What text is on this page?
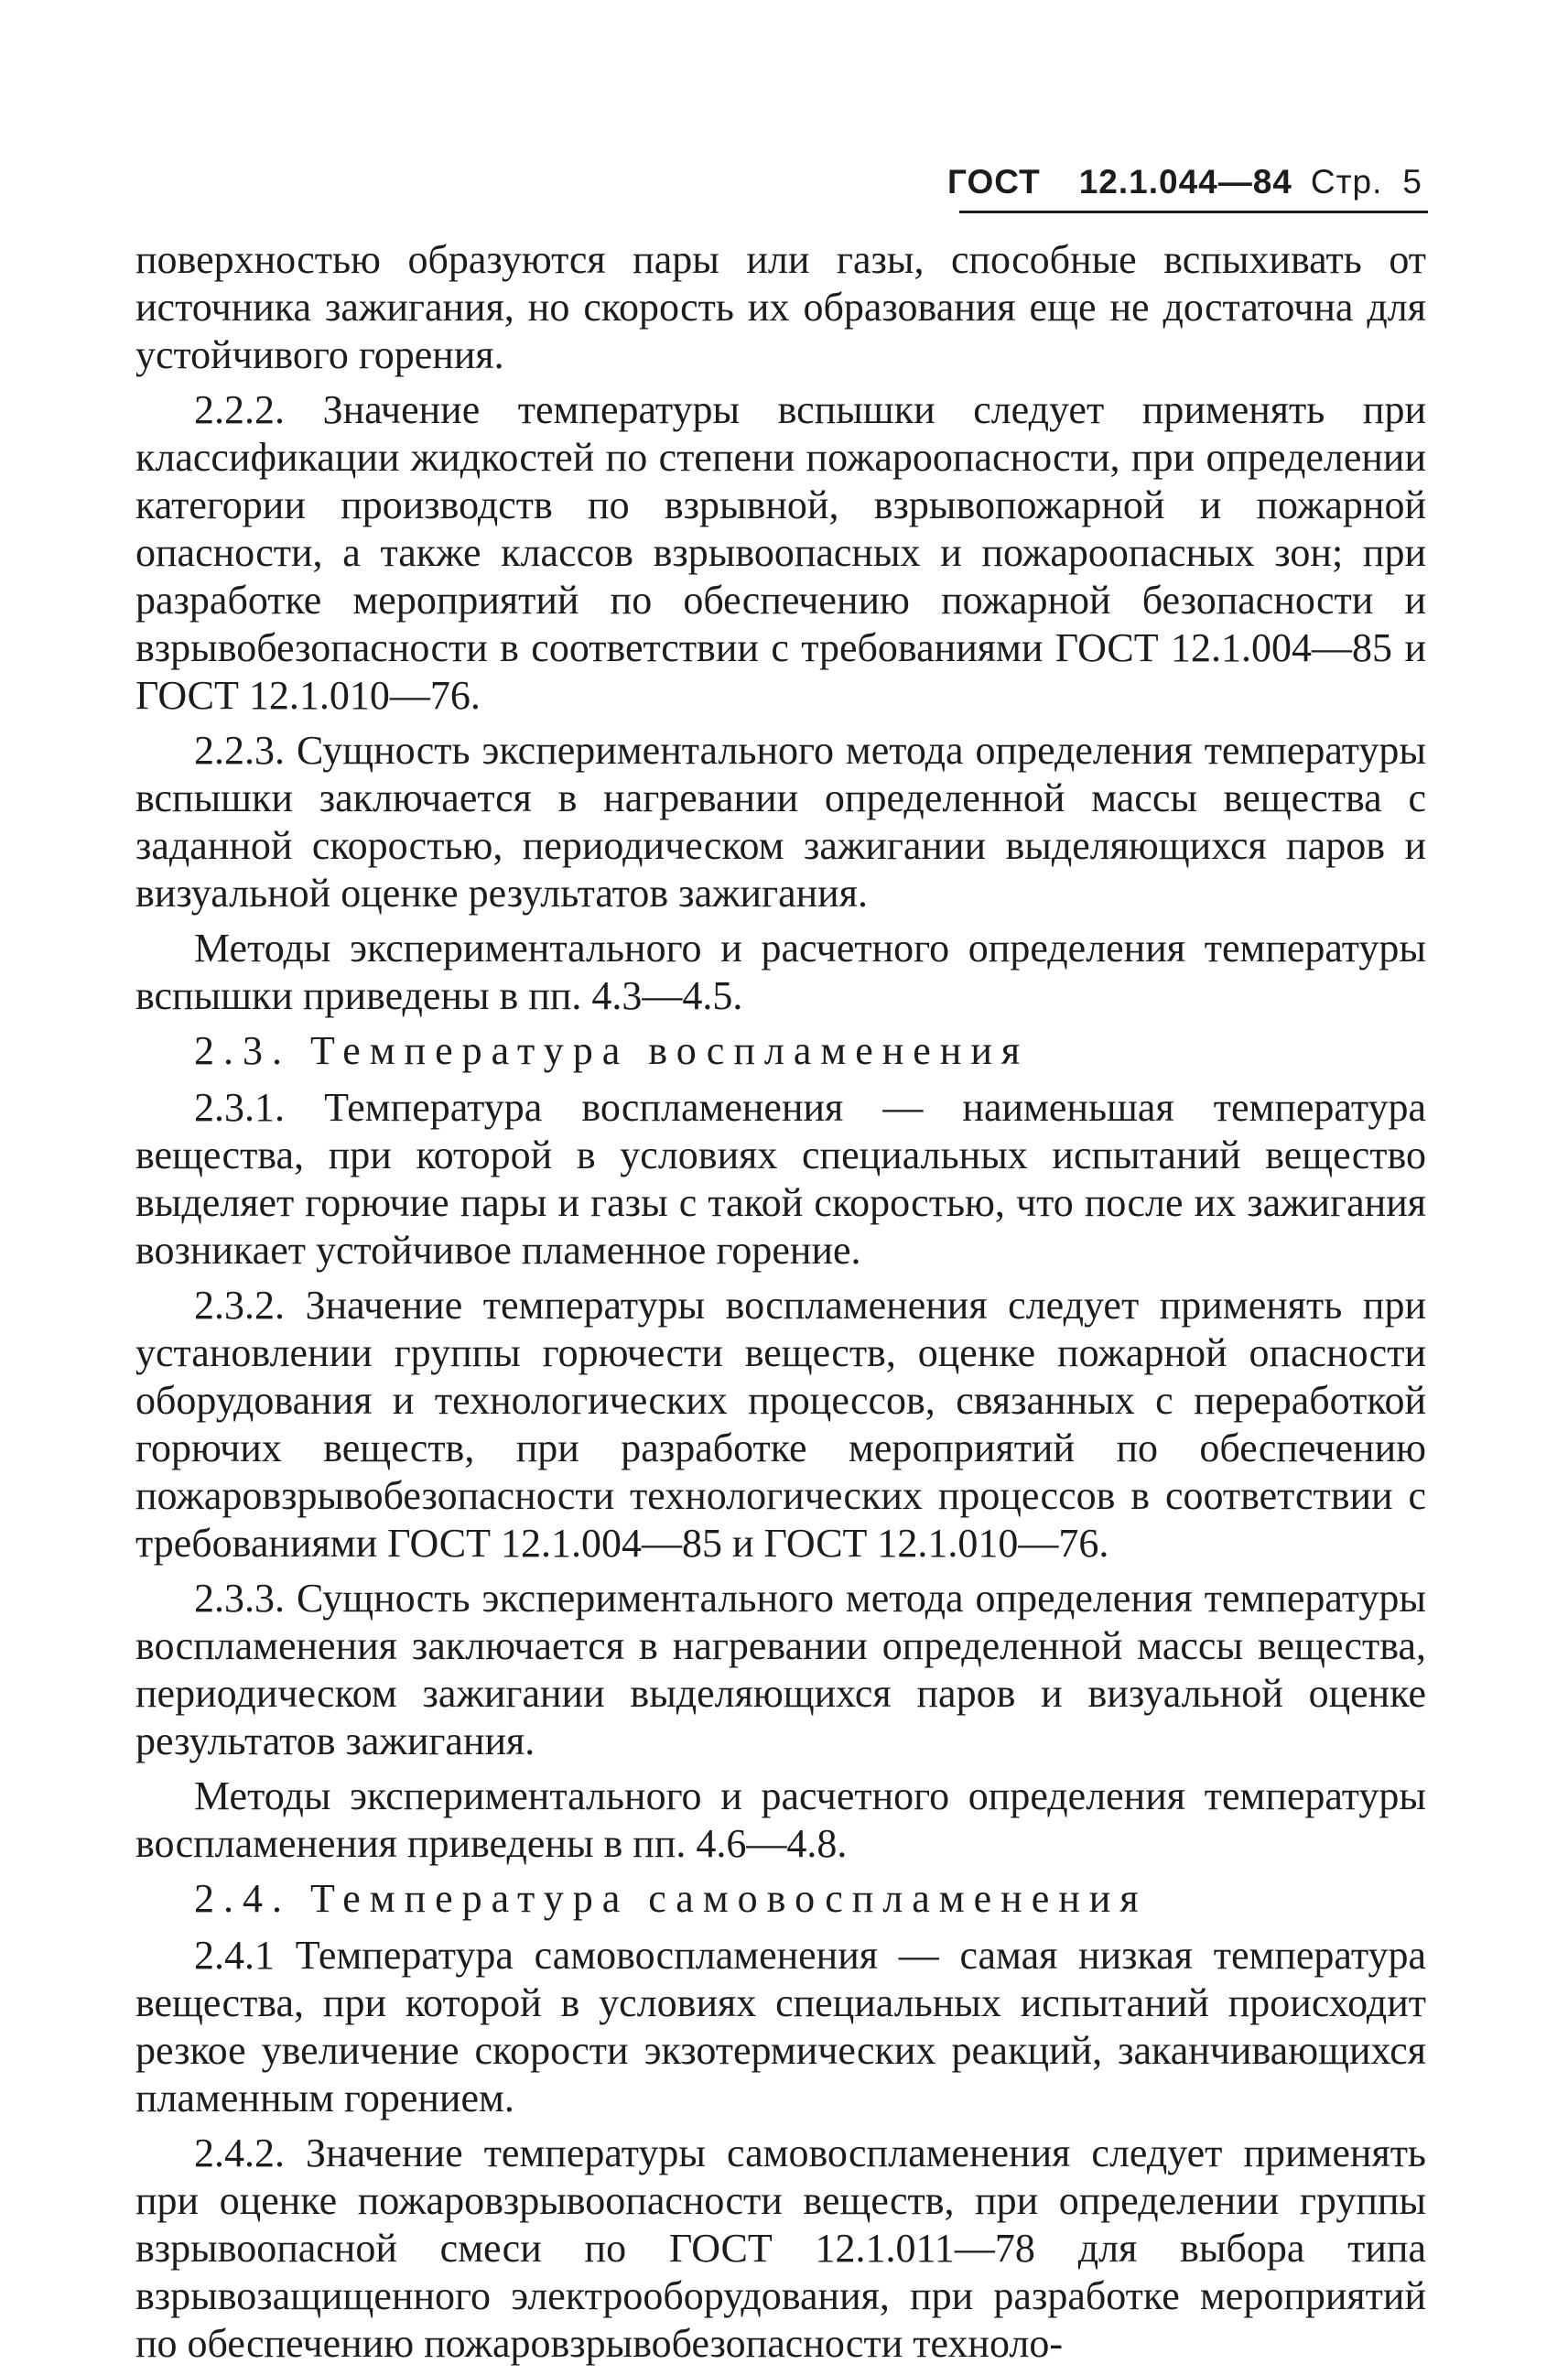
ГОСТ 12.1.044—84 Стр. 5

поверхностью образуются пары или газы, способные вспыхивать от источника зажигания, но скорость их образования еще не достаточна для устойчивого горения.

2.2.2. Значение температуры вспышки следует применять при классификации жидкостей по степени пожароопасности, при определении категории производств по взрывной, взрывопожарной и пожарной опасности, а также классов взрывоопасных и пожароопасных зон; при разработке мероприятий по обеспечению пожарной безопасности и взрывобезопасности в соответствии с требованиями ГОСТ 12.1.004—85 и ГОСТ 12.1.010—76.

2.2.3. Сущность экспериментального метода определения температуры вспышки заключается в нагревании определенной массы вещества с заданной скоростью, периодическом зажигании выделяющихся паров и визуальной оценке результатов зажигания.

Методы экспериментального и расчетного определения температуры вспышки приведены в пп. 4.3—4.5.

2.3. Температура воспламенения

2.3.1. Температура воспламенения — наименьшая температура вещества, при которой в условиях специальных испытаний вещество выделяет горючие пары и газы с такой скоростью, что после их зажигания возникает устойчивое пламенное горение.

2.3.2. Значение температуры воспламенения следует применять при установлении группы горючести веществ, оценке пожарной опасности оборудования и технологических процессов, связанных с переработкой горючих веществ, при разработке мероприятий по обеспечению пожаровзрывобезопасности технологических процессов в соответствии с требованиями ГОСТ 12.1.004—85 и ГОСТ 12.1.010—76.

2.3.3. Сущность экспериментального метода определения температуры воспламенения заключается в нагревании определенной массы вещества, периодическом зажигании выделяющихся паров и визуальной оценке результатов зажигания.

Методы экспериментального и расчетного определения температуры воспламенения приведены в пп. 4.6—4.8.

2.4. Температура самовоспламенения

2.4.1 Температура самовоспламенения — самая низкая температура вещества, при которой в условиях специальных испытаний происходит резкое увеличение скорости экзотермических реакций, заканчивающихся пламенным горением.

2.4.2. Значение температуры самовоспламенения следует применять при оценке пожаровзрывоопасности веществ, при определении группы взрывоопасной смеси по ГОСТ 12.1.011—78 для выбора типа взрывозащищенного электрооборудования, при разработке мероприятий по обеспечению пожаровзрывобезопасности техноло-
